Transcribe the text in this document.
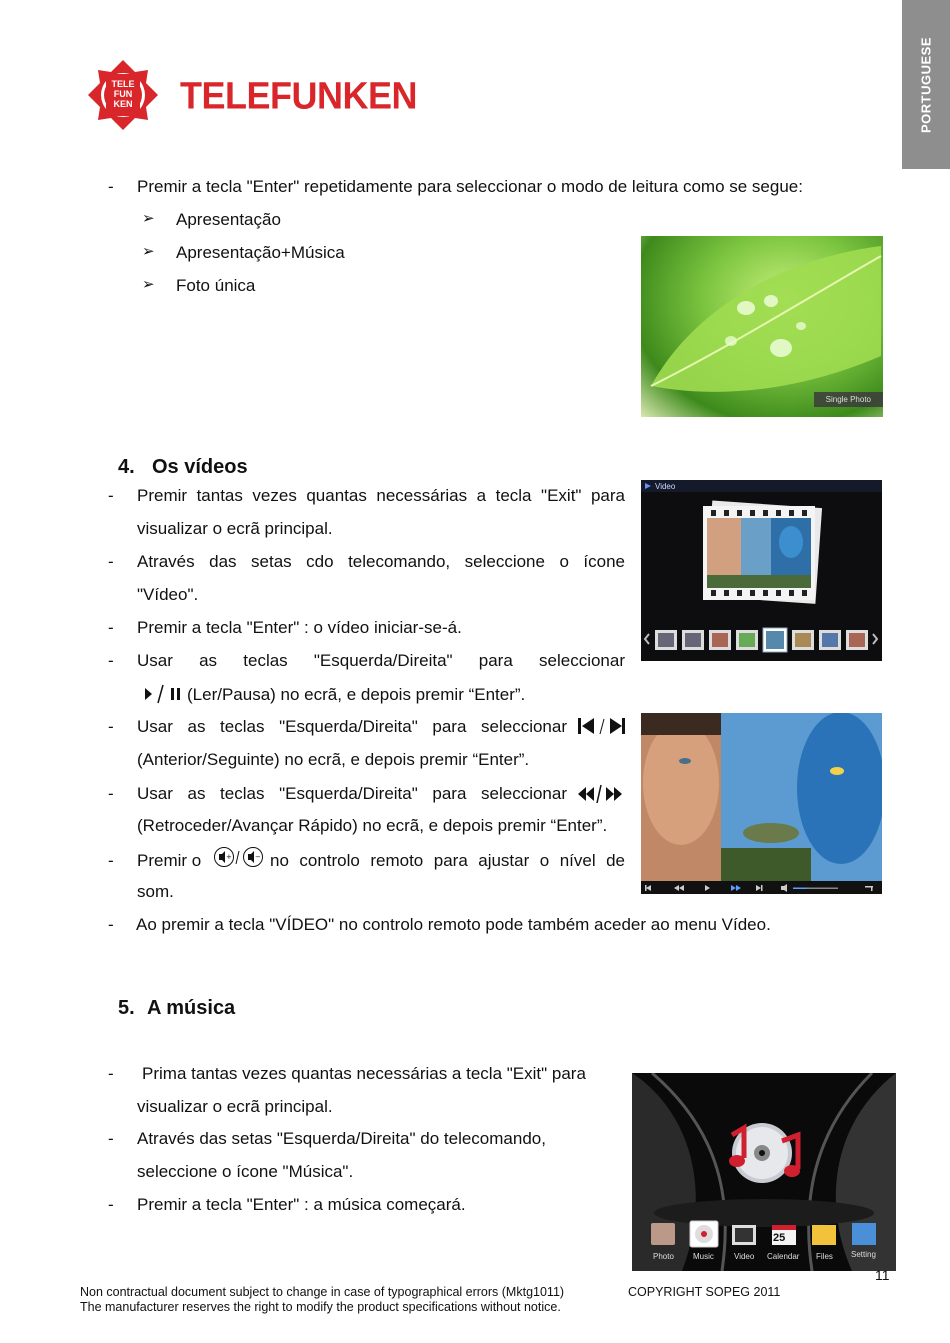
PORTUGUESE
TELE
FUN
KEN	TELEFUNKEN
- Premir a tecla "Enter" repetidamente para seleccionar o modo de leitura como se segue:
➢ Apresentação
➢ Apresentação+Música
➢ Foto única
Single Photo
4. Os vídeos
- Premir tantas vezes quantas necessárias a tecla "Exit" para
visualizar o ecrã principal.
- Através das setas cdo telecomando, seleccione o ícone
"Vídeo".
- Premir a tecla "Enter" : o vídeo iniciar-se-á.
- Usar as teclas "Esquerda/Direita" para seleccionar
(Ler/Pausa) no ecrã, e depois premir “Enter”.
- Usar as teclas "Esquerda/Direita" para seleccionar
(Anterior/Seguinte) no ecrã, e depois premir “Enter”.
- Usar as teclas "Esquerda/Direita" para seleccionar
(Retroceder/Avançar Rápido) no ecrã, e depois premir “Enter”.
- Premir o	+	− no controlo remoto para ajustar o nível de
som.
- Ao premir a tecla "VÍDEO" no controlo remoto pode também aceder ao menu Vídeo.
Video
5. A música
- Prima tantas vezes quantas necessárias a tecla "Exit" para
visualizar o ecrã principal.
- Através das setas "Esquerda/Direita" do telecomando,
seleccione o ícone "Música".
- Premir a tecla "Enter" : a música começará.
25
Photo Music	Video Calendar Files Setting
11
Non contractual document subject to change in case of typographical errors (Mktg1011)	COPYRIGHT SOPEG 2011
The manufacturer reserves the right to modify the product specifications without notice.
